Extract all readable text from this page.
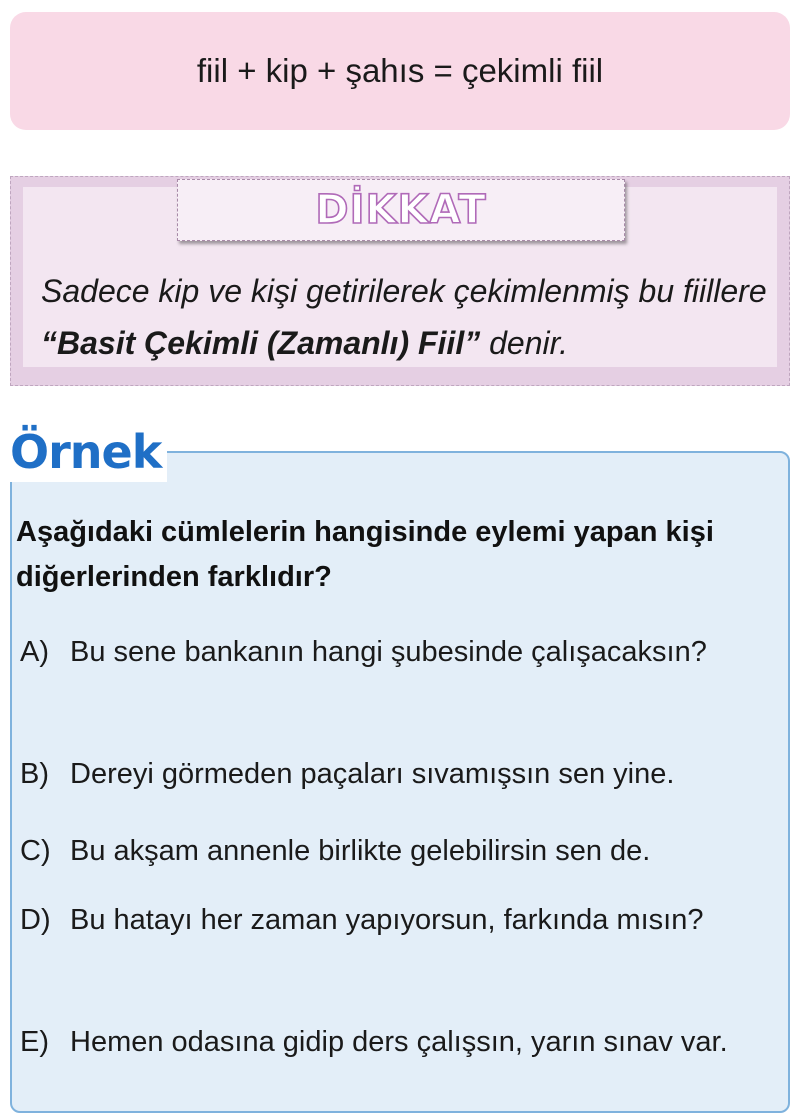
fiil + kip + şahıs = çekimli fiil
Sadece kip ve kişi getirilerek çekimlenmiş bu fiillere “Basit Çekimli (Zamanlı) Fiil” denir.
DİKKAT
Örnek
Aşağıdaki cümlelerin hangisinde eylemi yapan kişi diğerlerinden farklıdır?
A) Bu sene bankanın hangi şubesinde çalışacaksın?
B) Dereyi görmeden paçaları sıvamışsın sen yine.
C) Bu akşam annenle birlikte gelebilirsin sen de.
D) Bu hatayı her zaman yapıyorsun, farkında mısın?
E) Hemen odasına gidip ders çalışsın, yarın sınav var.
